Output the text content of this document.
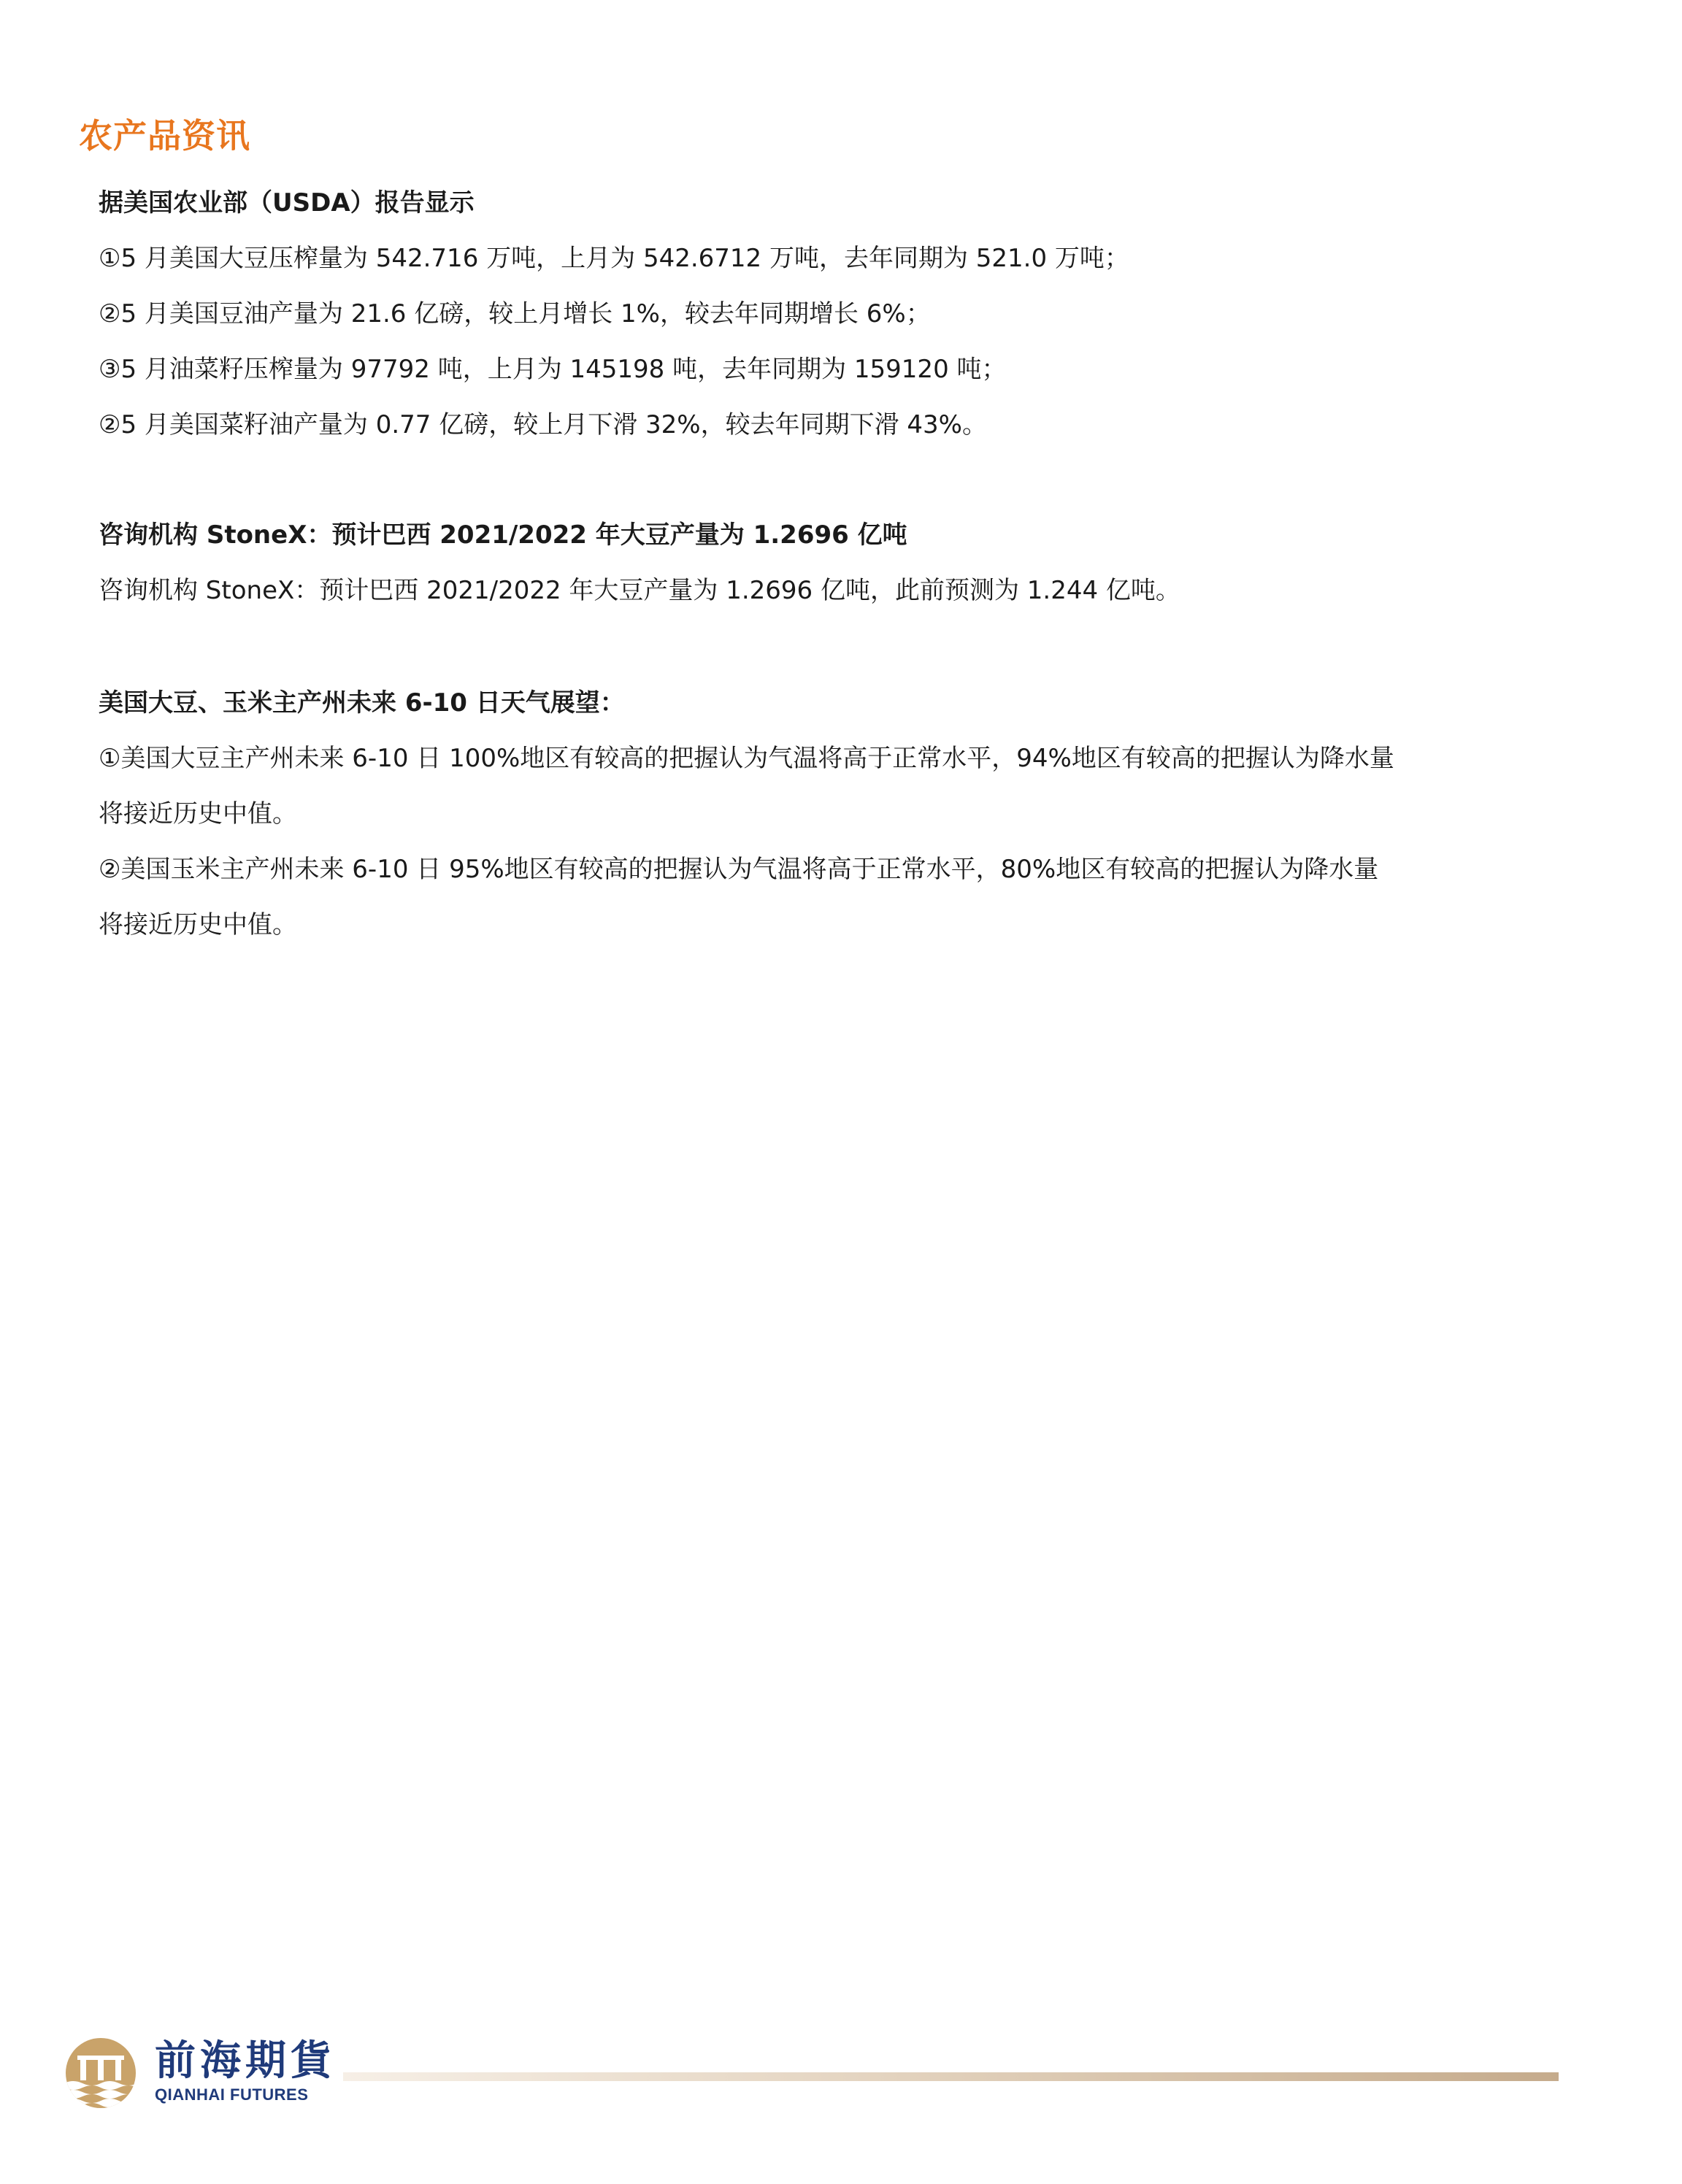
农产品资讯
据美国农业部（USDA）报告显示
①5 月美国大豆压榨量为 542.716 万吨，上月为 542.6712 万吨，去年同期为 521.0 万吨；
②5 月美国豆油产量为 21.6 亿磅，较上月增长 1%，较去年同期增长 6%；
③5 月油菜籽压榨量为 97792 吨，上月为 145198 吨，去年同期为 159120 吨；
②5 月美国菜籽油产量为 0.77 亿磅，较上月下滑 32%，较去年同期下滑 43%。
咨询机构 StoneX：预计巴西 2021/2022 年大豆产量为 1.2696 亿吨
咨询机构 StoneX：预计巴西 2021/2022 年大豆产量为 1.2696 亿吨，此前预测为 1.244 亿吨。
美国大豆、玉米主产州未来 6-10 日天气展望：
①美国大豆主产州未来 6-10 日 100%地区有较高的把握认为气温将高于正常水平，94%地区有较高的把握认为降水量
将接近历史中值。
②美国玉米主产州未来 6-10 日 95%地区有较高的把握认为气温将高于正常水平，80%地区有较高的把握认为降水量
将接近历史中值。
前海期貨
QIANHAI FUTURES
